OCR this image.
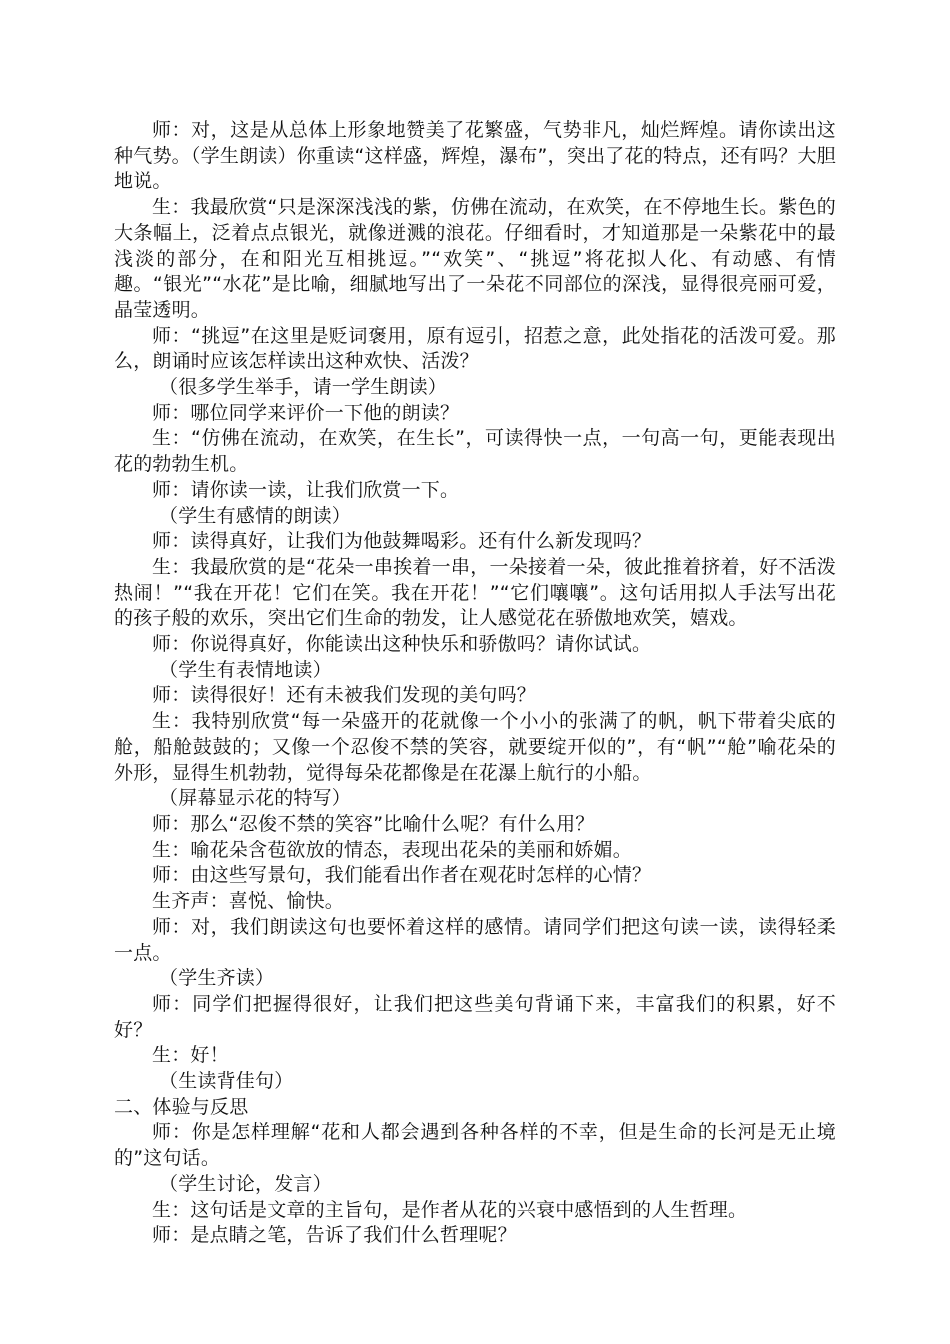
师：对，这是从总体上形象地赞美了花繁盛，气势非凡，灿烂辉煌。请你读出这种气势。（学生朗读）你重读“这样盛，辉煌，瀑布”，突出了花的特点，还有吗？大胆地说。

生：我最欣赏“只是深深浅浅的紫，仿佛在流动，在欢笑，在不停地生长。紫色的大条幅上，泛着点点银光，就像迸溅的浪花。仔细看时，才知道那是一朵紫花中的最浅淡的部分，在和阳光互相挑逗。”“欢笑”、“挑逗”将花拟人化、有动感、有情趣。“银光”“水花”是比喻，细腻地写出了一朵花不同部位的深浅，显得很亮丽可爱，晶莹透明。

师：“挑逗”在这里是贬词褒用，原有逗引，招惹之意，此处指花的活泼可爱。那么，朗诵时应该怎样读出这种欢快、活泼？

（很多学生举手，请一学生朗读）

师：哪位同学来评价一下他的朗读？

生：“仿佛在流动，在欢笑，在生长”，可读得快一点，一句高一句，更能表现出花的勃勃生机。

师：请你读一读，让我们欣赏一下。

（学生有感情的朗读）

师：读得真好，让我们为他鼓舞喝彩。还有什么新发现吗？

生：我最欣赏的是“花朵一串挨着一串，一朵接着一朵，彼此推着挤着，好不活泼热闹！”“我在开花！它们在笑。我在开花！”“它们嚷嚷”。这句话用拟人手法写出花的孩子般的欢乐，突出它们生命的勃发，让人感觉花在骄傲地欢笑，嬉戏。

师：你说得真好，你能读出这种快乐和骄傲吗？请你试试。

（学生有表情地读）

师：读得很好！还有未被我们发现的美句吗？

生：我特别欣赏“每一朵盛开的花就像一个小小的张满了的帆，帆下带着尖底的舱，船舱鼓鼓的；又像一个忍俊不禁的笑容，就要绽开似的”，有“帆”“舱”喻花朵的外形，显得生机勃勃，觉得每朵花都像是在花瀑上航行的小船。

（屏幕显示花的特写）

师：那么“忍俊不禁的笑容”比喻什么呢？有什么用？

生：喻花朵含苞欲放的情态，表现出花朵的美丽和娇媚。

师：由这些写景句，我们能看出作者在观花时怎样的心情？

生齐声：喜悦、愉快。

师：对，我们朗读这句也要怀着这样的感情。请同学们把这句读一读，读得轻柔一点。

（学生齐读）

师：同学们把握得很好，让我们把这些美句背诵下来，丰富我们的积累，好不好？

生：好！

（生读背佳句）

二、体验与反思

师：你是怎样理解“花和人都会遇到各种各样的不幸，但是生命的长河是无止境的”这句话。

（学生讨论，发言）

生：这句话是文章的主旨句，是作者从花的兴衰中感悟到的人生哲理。

师：是点睛之笔，告诉了我们什么哲理呢？
